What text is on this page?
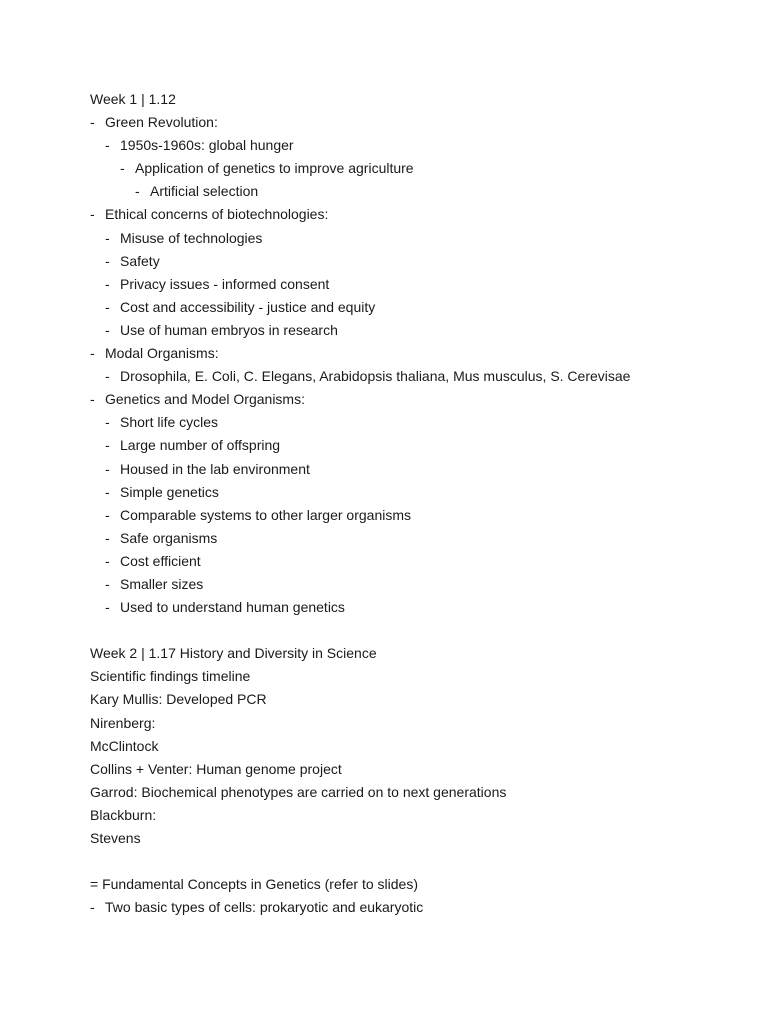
Week 1 | 1.12
- Green Revolution:
- 1950s-1960s: global hunger
- Application of genetics to improve agriculture
- Artificial selection
- Ethical concerns of biotechnologies:
- Misuse of technologies
- Safety
- Privacy issues - informed consent
- Cost and accessibility - justice and equity
- Use of human embryos in research
- Modal Organisms:
- Drosophila, E. Coli, C. Elegans, Arabidopsis thaliana, Mus musculus, S. Cerevisae
- Genetics and Model Organisms:
- Short life cycles
- Large number of offspring
- Housed in the lab environment
- Simple genetics
- Comparable systems to other larger organisms
- Safe organisms
- Cost efficient
- Smaller sizes
- Used to understand human genetics
Week 2 | 1.17 History and Diversity in Science
Scientific findings timeline
Kary Mullis: Developed PCR
Nirenberg:
McClintock
Collins + Venter: Human genome project
Garrod: Biochemical phenotypes are carried on to next generations
Blackburn:
Stevens
= Fundamental Concepts in Genetics (refer to slides)
- Two basic types of cells: prokaryotic and eukaryotic
